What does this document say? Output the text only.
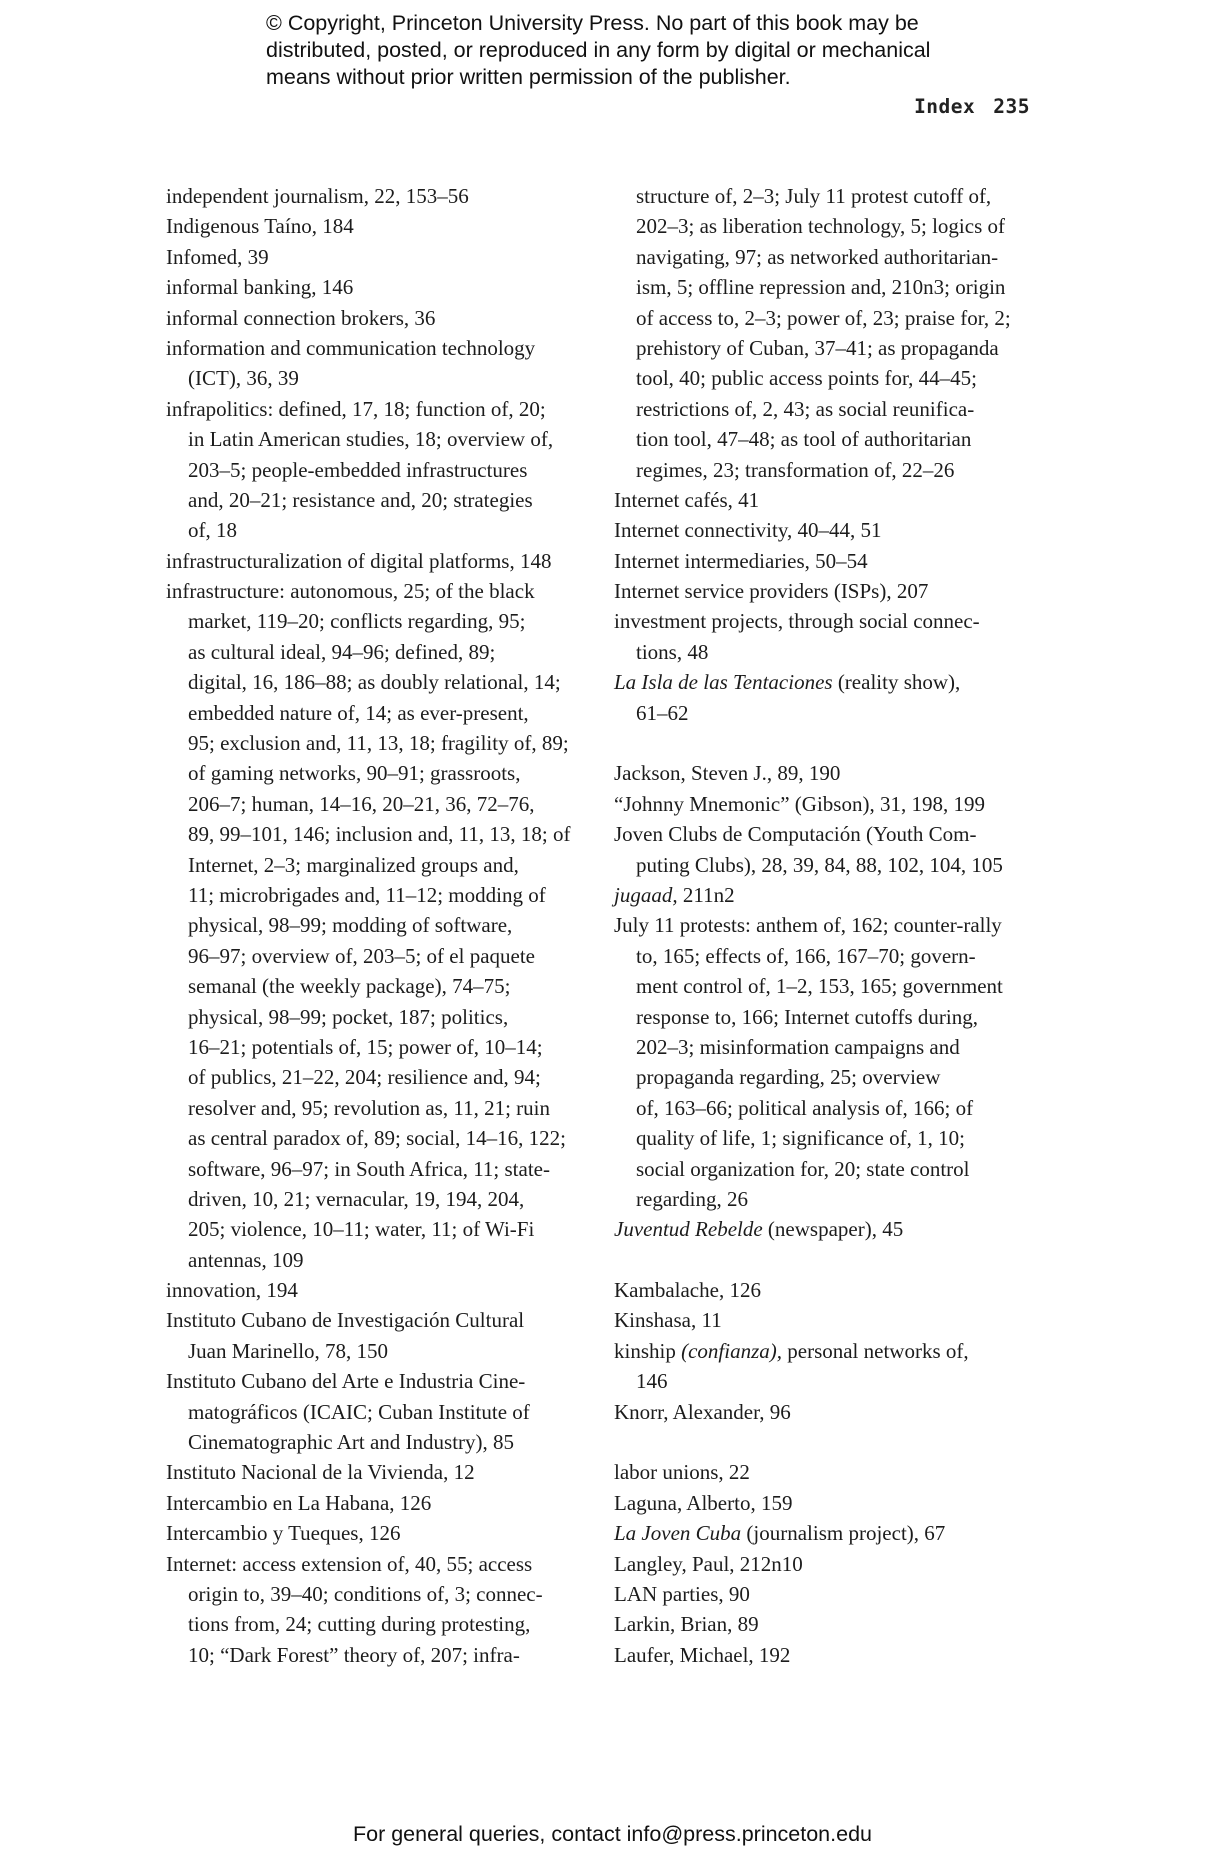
© Copyright, Princeton University Press. No part of this book may be
distributed, posted, or reproduced in any form by digital or mechanical
means without prior written permission of the publisher.
Index 235
independent journalism, 22, 153–56
Indigenous Taíno, 184
Infomed, 39
informal banking, 146
informal connection brokers, 36
information and communication technology
(ICT), 36, 39
infrapolitics: defined, 17, 18; function of, 20;
in Latin American studies, 18; overview of,
203–5; people-embedded infrastructures
and, 20–21; resistance and, 20; strategies
of, 18
infrastructuralization of digital platforms, 148
infrastructure: autonomous, 25; of the black
market, 119–20; conflicts regarding, 95;
as cultural ideal, 94–96; defined, 89;
digital, 16, 186–88; as doubly relational, 14;
embedded nature of, 14; as ever-present,
95; exclusion and, 11, 13, 18; fragility of, 89;
of gaming networks, 90–91; grassroots,
206–7; human, 14–16, 20–21, 36, 72–76,
89, 99–101, 146; inclusion and, 11, 13, 18; of
Internet, 2–3; marginalized groups and,
11; microbrigades and, 11–12; modding of
physical, 98–99; modding of software,
96–97; overview of, 203–5; of el paquete
semanal (the weekly package), 74–75;
physical, 98–99; pocket, 187; politics,
16–21; potentials of, 15; power of, 10–14;
of publics, 21–22, 204; resilience and, 94;
resolver and, 95; revolution as, 11, 21; ruin
as central paradox of, 89; social, 14–16, 122;
software, 96–97; in South Africa, 11; state-
driven, 10, 21; vernacular, 19, 194, 204,
205; violence, 10–11; water, 11; of Wi-Fi
antennas, 109
innovation, 194
Instituto Cubano de Investigación Cultural
Juan Marinello, 78, 150
Instituto Cubano del Arte e Industria Cine-
matográficos (ICAIC; Cuban Institute of
Cinematographic Art and Industry), 85
Instituto Nacional de la Vivienda, 12
Intercambio en La Habana, 126
Intercambio y Tueques, 126
Internet: access extension of, 40, 55; access
origin to, 39–40; conditions of, 3; connec-
tions from, 24; cutting during protesting,
10; “Dark Forest” theory of, 207; infra-
structure of, 2–3; July 11 protest cutoff of,
202–3; as liberation technology, 5; logics of
navigating, 97; as networked authoritarian-
ism, 5; offline repression and, 210n3; origin
of access to, 2–3; power of, 23; praise for, 2;
prehistory of Cuban, 37–41; as propaganda
tool, 40; public access points for, 44–45;
restrictions of, 2, 43; as social reunifica-
tion tool, 47–48; as tool of authoritarian
regimes, 23; transformation of, 22–26
Internet cafés, 41
Internet connectivity, 40–44, 51
Internet intermediaries, 50–54
Internet service providers (ISPs), 207
investment projects, through social connec-
tions, 48
La Isla de las Tentaciones (reality show),
61–62
Jackson, Steven J., 89, 190
“Johnny Mnemonic” (Gibson), 31, 198, 199
Joven Clubs de Computación (Youth Com-
puting Clubs), 28, 39, 84, 88, 102, 104, 105
jugaad, 211n2
July 11 protests: anthem of, 162; counter-rally
to, 165; effects of, 166, 167–70; govern-
ment control of, 1–2, 153, 165; government
response to, 166; Internet cutoffs during,
202–3; misinformation campaigns and
propaganda regarding, 25; overview
of, 163–66; political analysis of, 166; of
quality of life, 1; significance of, 1, 10;
social organization for, 20; state control
regarding, 26
Juventud Rebelde (newspaper), 45
Kambalache, 126
Kinshasa, 11
kinship (confianza), personal networks of,
146
Knorr, Alexander, 96
labor unions, 22
Laguna, Alberto, 159
La Joven Cuba (journalism project), 67
Langley, Paul, 212n10
LAN parties, 90
Larkin, Brian, 89
Laufer, Michael, 192
For general queries, contact info@press.princeton.edu
